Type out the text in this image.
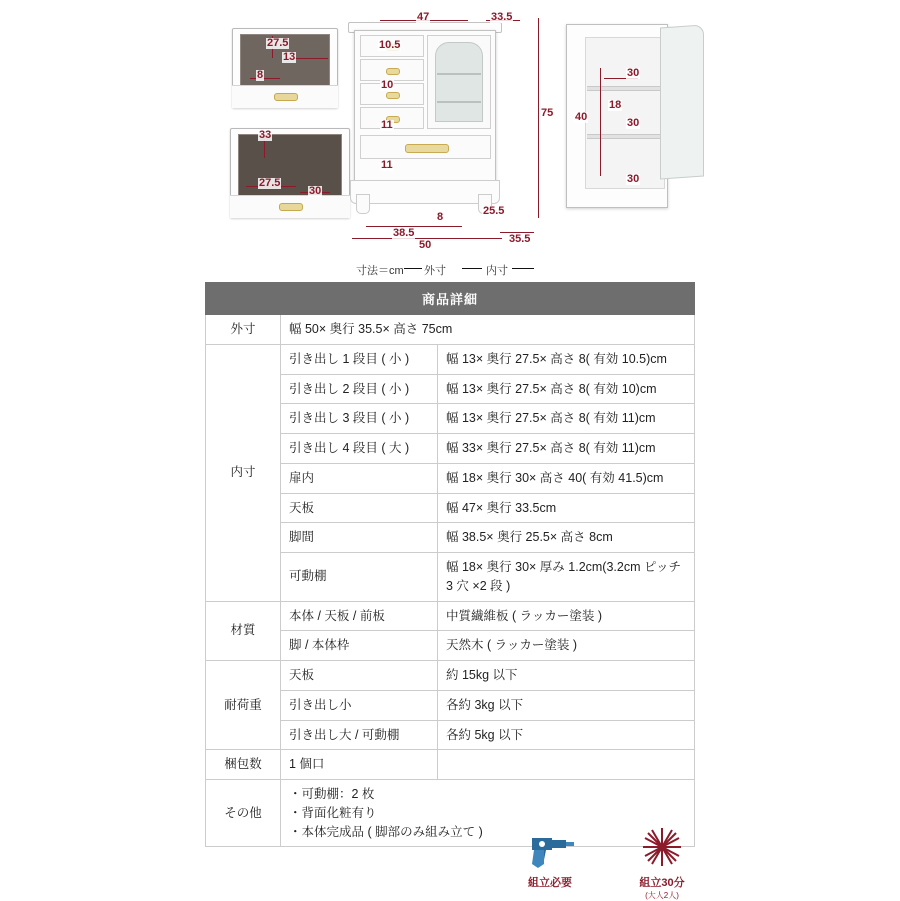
27.5
13
8
33
27.5
30
47	33.5
75
10.5
10
11
11
50	35.5
38.5
25.5
8
30
18
40	30
30
寸法＝cm 外寸	内寸
商品詳細		
外寸	幅 50× 奥行 35.5× 高さ 75cm	
内寸	引き出し 1 段目 ( 小 )	幅 13× 奥行 27.5× 高さ 8( 有効 10.5)cm
	引き出し 2 段目 ( 小 )	幅 13× 奥行 27.5× 高さ 8( 有効 10)cm
	引き出し 3 段目 ( 小 )	幅 13× 奥行 27.5× 高さ 8( 有効 11)cm
	引き出し 4 段目 ( 大 )	幅 33× 奥行 27.5× 高さ 8( 有効 11)cm
	扉内	幅 18× 奥行 30× 高さ 40( 有効 41.5)cm
	天板	幅 47× 奥行 33.5cm
	脚間	幅 38.5× 奥行 25.5× 高さ 8cm
	可動棚	幅 18× 奥行 30× 厚み 1.2cm(3.2cm ピッチ 3 穴 ×2 段 )
材質	本体 / 天板 / 前板	中質繊維板 ( ラッカー塗装 )
	脚 / 本体枠	天然木 ( ラッカー塗装 )
耐荷重	天板	約 15kg 以下
	引き出し小	各約 3kg 以下
	引き出し大 / 可動棚	各約 5kg 以下
梱包数	1 個口	
その他	・可動棚：2 枚
・背面化粧有り
・本体完成品 ( 脚部のみ組み立て )	
組立必要	組立30分
(大人2人)
